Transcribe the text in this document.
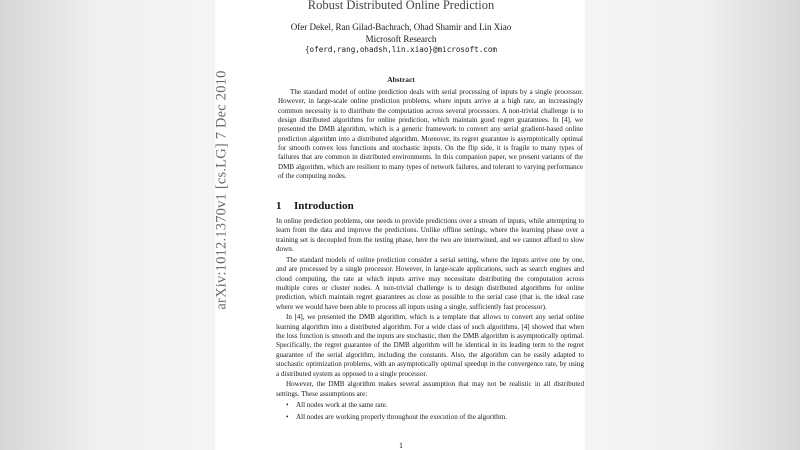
arXiv:1012.1370v1 [cs.LG] 7 Dec 2010
Robust Distributed Online Prediction
Ofer Dekel, Ran Gilad-Bachrach, Ohad Shamir and Lin Xiao
Microsoft Research
{oferd,rang,ohadsh,lin.xiao}@microsoft.com
Abstract

The standard model of online prediction deals with serial processing of inputs by a single processor. However, in large-scale online prediction problems, where inputs arrive at a high rate, an increasingly common necessity is to distribute the computation across several processors. A non-trivial challenge is to design distributed algorithms for online prediction, which maintain good regret guarantees. In [4], we presented the DMB algorithm, which is a generic framework to convert any serial gradient-based online prediction algorithm into a distributed algorithm. Moreover, its regret guarantee is asymptotically optimal for smooth convex loss functions and stochastic inputs. On the flip side, it is fragile to many types of failures that are common in distributed environments. In this companion paper, we present variants of the DMB algorithm, which are resilient to many types of network failures, and tolerant to varying performance of the computing nodes.

1 Introduction

In online prediction problems, one needs to provide predictions over a stream of inputs, while attempting to learn from the data and improve the predictions. Unlike offline settings, where the learning phase over a training set is decoupled from the testing phase, here the two are intertwined, and we cannot afford to slow down.

The standard models of online prediction consider a serial setting, where the inputs arrive one by one, and are processed by a single processor. However, in large-scale applications, such as search engines and cloud computing, the rate at which inputs arrive may necessitate distributing the computation across multiple cores or cluster nodes. A non-trivial challenge is to design distributed algorithms for online prediction, which maintain regret guarantees as close as possible to the serial case (that is, the ideal case where we would have been able to process all inputs using a single, sufficiently fast processor).

In [4], we presented the DMB algorithm, which is a template that allows to convert any serial online learning algorithm into a distributed algorithm. For a wide class of such algorithms, [4] showed that when the loss function is smooth and the inputs are stochastic, then the DMB algorithm is asymptotically optimal. Specifically, the regret guarantee of the DMB algorithm will be identical in its leading term to the regret guarantee of the serial algorithm, including the constants. Also, the algorithm can be easily adapted to stochastic optimization problems, with an asymptotically optimal speedup in the convergence rate, by using a distributed system as opposed to a single processor.

However, the DMB algorithm makes several assumption that may not be realistic in all distributed settings. These assumptions are:

• All nodes work at the same rate.
• All nodes are working properly throughout the execution of the algorithm.
1
